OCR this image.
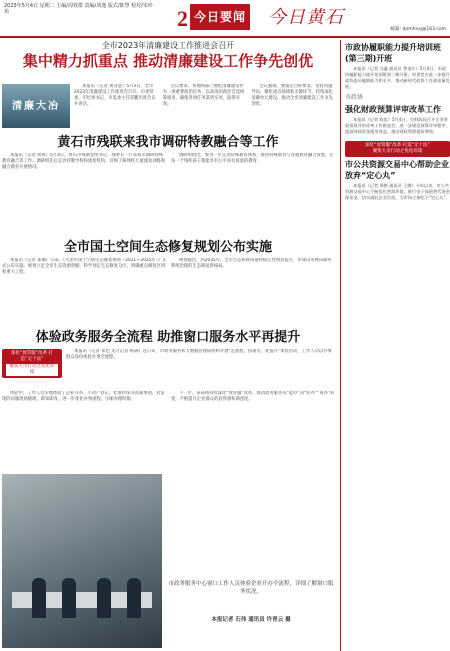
2023年5月4日 星期二 主编/周铁群 责编/刘逸 版式/陈慧 校对/朱珍苑	2 今日要闻 今日黄石
邮箱: djrmhsxj@163.com
全市2023年清廉建设工作推进会召开
集中精力抓重点 推动清廉建设工作争先创优
清廉大冶

本报讯（记者 黄诗意）5月3日，全市2023年清廉建设工作推进会召开。市委常委、市纪委书记、市监委主任雷鹏出席会议并讲话。

会议要求，各地和部门要把清廉建设作为一项重要政治任务，以高度的政治自觉统筹推进，确保各项任务落到实处，取得实效。

会议强调，要锚定目标要求，坚持问题导向，聚焦重点领域和关键环节，持续深化清廉单元建设，推动全市清廉建设工作争先创优。

黄石市残联来我市调研特教融合等工作

本报讯（记者 周爽）5月4日，黄石市残联党组书记、理事长一行来我市调研特殊教育融合等工作。调研组先后走访特教学校和康复机构，详细了解残疾儿童康复训练和融合教育开展情况。

调研组指出，要进一步完善特殊教育体系，推进特殊教育与普通教育融合发展，让每一个残疾孩子都能享有公平而有质量的教育。

全市国土空间生态修复规划公布实施

本报讯（记者 郑珊）日前，《大冶市国土空间生态修复规划（2021—2035年）》正式公布实施。规划立足全市生态资源禀赋，科学划定生态修复分区，明确重点修复区域和重大工程。

规划提出，到2035年，全市生态系统质量和稳定性明显提升，形成山水林田湖草系统治理的生态修复新格局。

体验政务服务全流程 助推窗口服务水平再提升
深化“放管服”改革 打造“无十法”
聚焦大市行动之优化环境

本报讯（记者 邓恺 见习记者 杨满）连日来，市政务服务和大数据管理局组织开展“走流程、找堵点、促提升”体验活动，工作人员以办事群众身份体验办事全流程。

体验中，工作人员实地体验了企业开办、不动产登记、社保医保等高频事项，对发现的问题现场梳理、即知即改，进一步优化办事流程，压缩办理时限。

下一步，该局将持续深化“放管服”改革，推动政务服务从“能办”向“好办”“易办”转变，不断提升企业群众的获得感和满意度。

市政务服务中心窗口工作人员体验企业开办全流程，详细了解窗口服务状况。
本报记者 石伟 通讯员 许青云 摄
市政协履职能力提升培训班(第三期)开班

本报讯（记者 冯鑫 通讯员 曾金什）5月4日，市政协履职能力提升培训班第三期开班。培训旨在进一步提升政协委员履职能力和水平，推动新时代政协工作高质量发展。

市政协
强化财政预算评审改革工作

本报讯（记者 陈思）5月4日，市财政局召开全市财政预算评审改革工作推进会，进一步规范预算评审程序，提高财政资金使用效益，推动财政管理提质增效。

深化“放管服”改革 打造“无十法”
聚焦大市行动之优化环境
市公共资源交易中心帮助企业放弃“定心丸”

本报讯（记者 周艳 通讯员 王娜）今年以来，市公共资源交易中心不断优化营商环境，推行电子保函替代现金保证金，切实减轻企业负担，为市场主体吃下“定心丸”。
